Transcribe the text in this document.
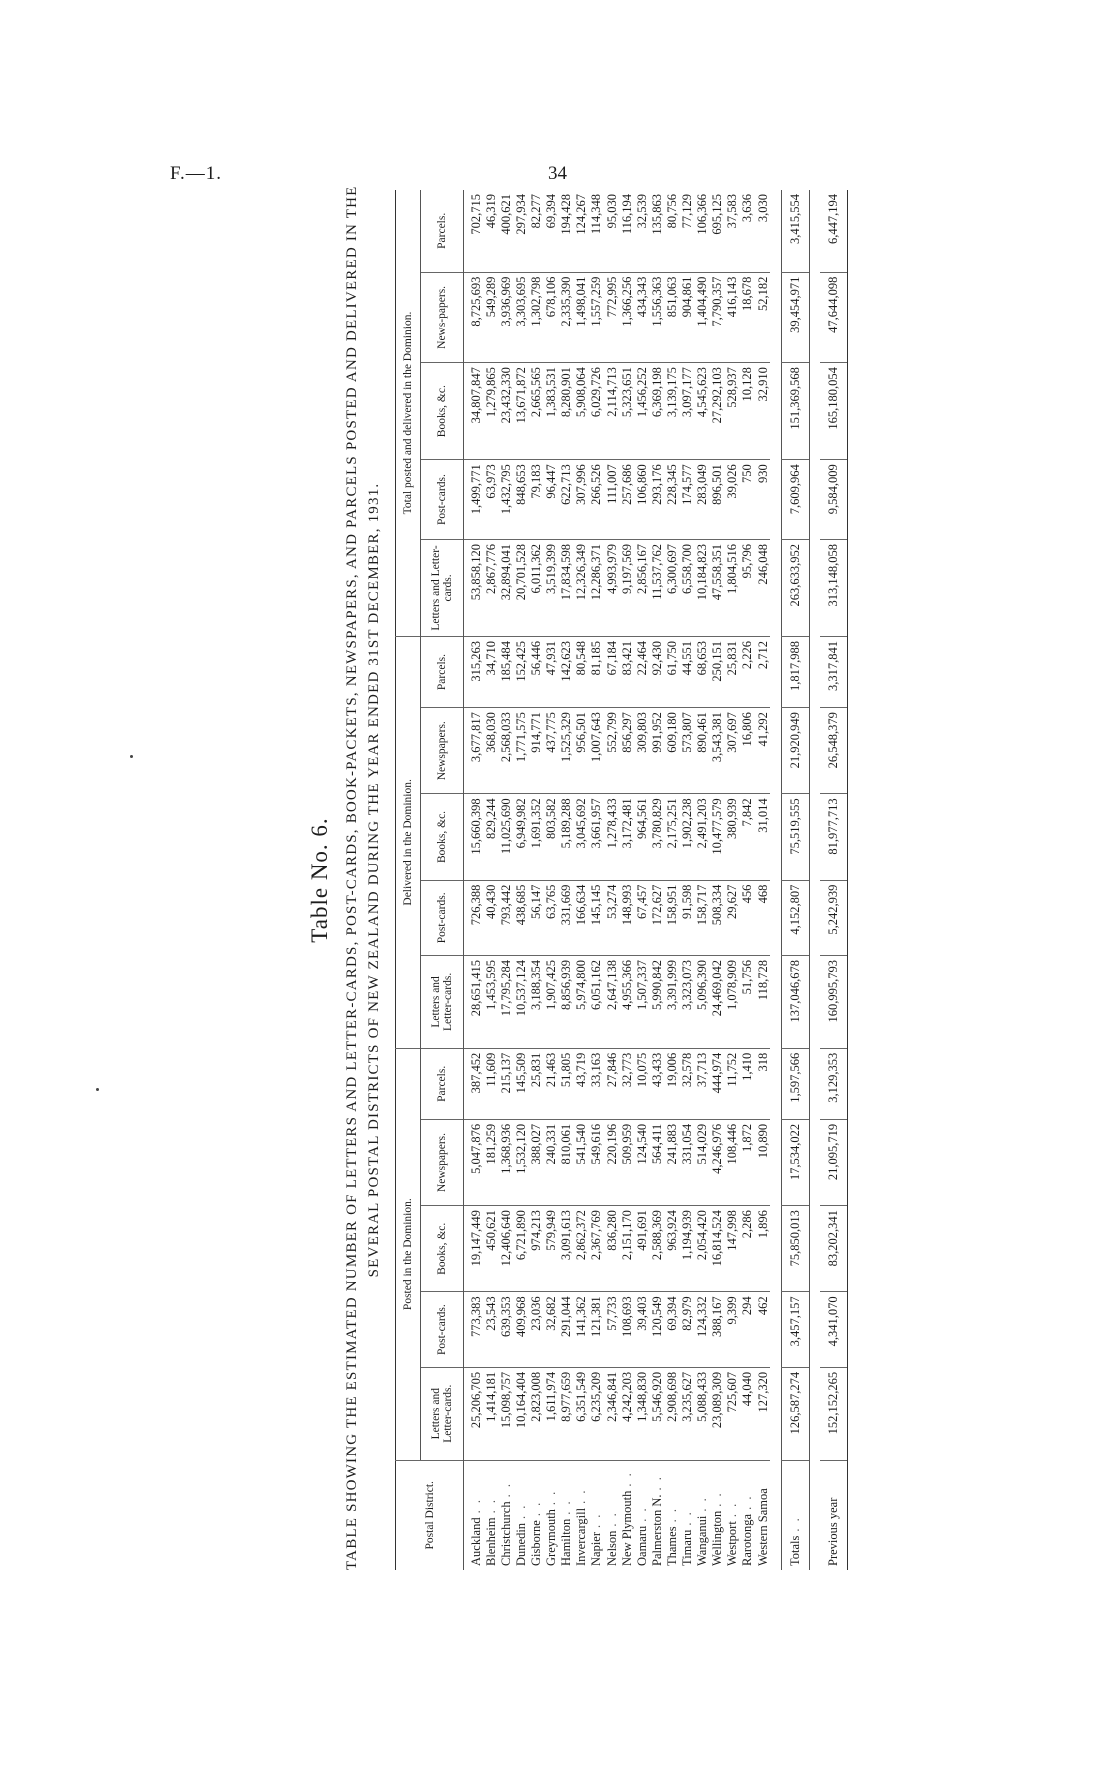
F.—1.	34
Table No. 6. TABLE SHOWING THE ESTIMATED NUMBER OF LETTERS AND LETTER-CARDS, POST-CARDS, BOOK-PACKETS, NEWSPAPERS, AND PARCELS POSTED AND DELIVERED IN THE SEVERAL POSTAL DISTRICTS OF NEW ZEALAND DURING THE YEAR ENDED 31ST DECEMBER, 1931.
Postal District.	Posted in the Dominion.					Delivered in the Dominion.					Total posted and delivered in the Dominion.				
	Letters and Letter-cards.	Post-cards.	Books, &c.	Newspapers.	Parcels.	Letters and Letter-cards.	Post-cards.	Books, &c.	Newspapers.	Parcels.	Letters and Letter-cards.	Post-cards.	Books, &c.	News-papers.	Parcels.
Auckland. .	25,206,705	773,383	19,147,449	5,047,876	387,452	28,651,415	726,388	15,660,398	3,677,817	315,263	53,858,120	1,499,771	34,807,847	8,725,693	702,715
Blenheim. .	1,414,181	23,543	450,621	181,259	11,609	1,453,595	40,430	829,244	368,030	34,710	2,867,776	63,973	1,279,865	549,289	46,319
Christchurch. .	15,098,757	639,353	12,406,640	1,368,936	215,137	17,795,284	793,442	11,025,690	2,568,033	185,484	32,894,041	1,432,795	23,432,330	3,936,969	400,621
Dunedin. .	10,164,404	409,968	6,721,890	1,532,120	145,509	10,537,124	438,685	6,949,982	1,771,575	152,425	20,701,528	848,653	13,671,872	3,303,695	297,934
Gisborne. .	2,823,008	23,036	974,213	388,027	25,831	3,188,354	56,147	1,691,352	914,771	56,446	6,011,362	79,183	2,665,565	1,302,798	82,277
Greymouth. .	1,611,974	32,682	579,949	240,331	21,463	1,907,425	63,765	803,582	437,775	47,931	3,519,399	96,447	1,383,531	678,106	69,394
Hamilton. .	8,977,659	291,044	3,091,613	810,061	51,805	8,856,939	331,669	5,189,288	1,525,329	142,623	17,834,598	622,713	8,280,901	2,335,390	194,428
Invercargill. .	6,351,549	141,362	2,862,372	541,540	43,719	5,974,800	166,634	3,045,692	956,501	80,548	12,326,349	307,996	5,908,064	1,498,041	124,267
Napier. .	6,235,209	121,381	2,367,769	549,616	33,163	6,051,162	145,145	3,661,957	1,007,643	81,185	12,286,371	266,526	6,029,726	1,557,259	114,348
Nelson. .	2,346,841	57,733	836,280	220,196	27,846	2,647,138	53,274	1,278,433	552,799	67,184	4,993,979	111,007	2,114,713	772,995	95,030
New Plymouth. .	4,242,203	108,693	2,151,170	509,959	32,773	4,955,366	148,993	3,172,481	856,297	83,421	9,197,569	257,686	5,323,651	1,366,256	116,194
Oamaru. .	1,348,830	39,403	491,691	124,540	10,075	1,507,337	67,457	964,561	309,803	22,464	2,856,167	106,860	1,456,252	434,343	32,539
Palmerston N.. .	5,546,920	120,549	2,588,369	564,411	43,433	5,990,842	172,627	3,780,829	991,952	92,430	11,537,762	293,176	6,369,198	1,556,363	135,863
Thames. .	2,908,698	69,394	963,924	241,883	19,006	3,391,999	158,951	2,175,251	609,180	61,750	6,300,697	228,345	3,139,175	851,063	80,756
Timaru. .	3,235,627	82,979	1,194,939	331,054	32,578	3,323,073	91,598	1,902,238	573,807	44,551	6,558,700	174,577	3,097,177	904,861	77,129
Wanganui. .	5,088,433	124,332	2,054,420	514,029	37,713	5,096,390	158,717	2,491,203	890,461	68,653	10,184,823	283,049	4,545,623	1,404,490	106,366
Wellington. .	23,089,309	388,167	16,814,524	4,246,976	444,974	24,469,042	508,334	10,477,579	3,543,381	250,151	47,558,351	896,501	27,292,103	7,790,357	695,125
Westport. .	725,607	9,399	147,998	108,446	11,752	1,078,909	29,627	380,939	307,697	25,831	1,804,516	39,026	528,937	416,143	37,583
Rarotonga. .	44,040	294	2,286	1,872	1,410	51,756	456	7,842	16,806	2,226	95,796	750	10,128	18,678	3,636
Western Samoa	127,320	462	1,896	10,890	318	118,728	468	31,014	41,292	2,712	246,048	930	32,910	52,182	3,030

Totals. .	126,587,274	3,457,157	75,850,013	17,534,022	1,597,566	137,046,678	4,152,807	75,519,555	21,920,949	1,817,988	263,633,952	7,609,964	151,369,568	39,454,971	3,415,554

Previous year	152,152,265	4,341,070	83,202,341	21,095,719	3,129,353	160,995,793	5,242,939	81,977,713	26,548,379	3,317,841	313,148,058	9,584,009	165,180,054	47,644,098	6,447,194
